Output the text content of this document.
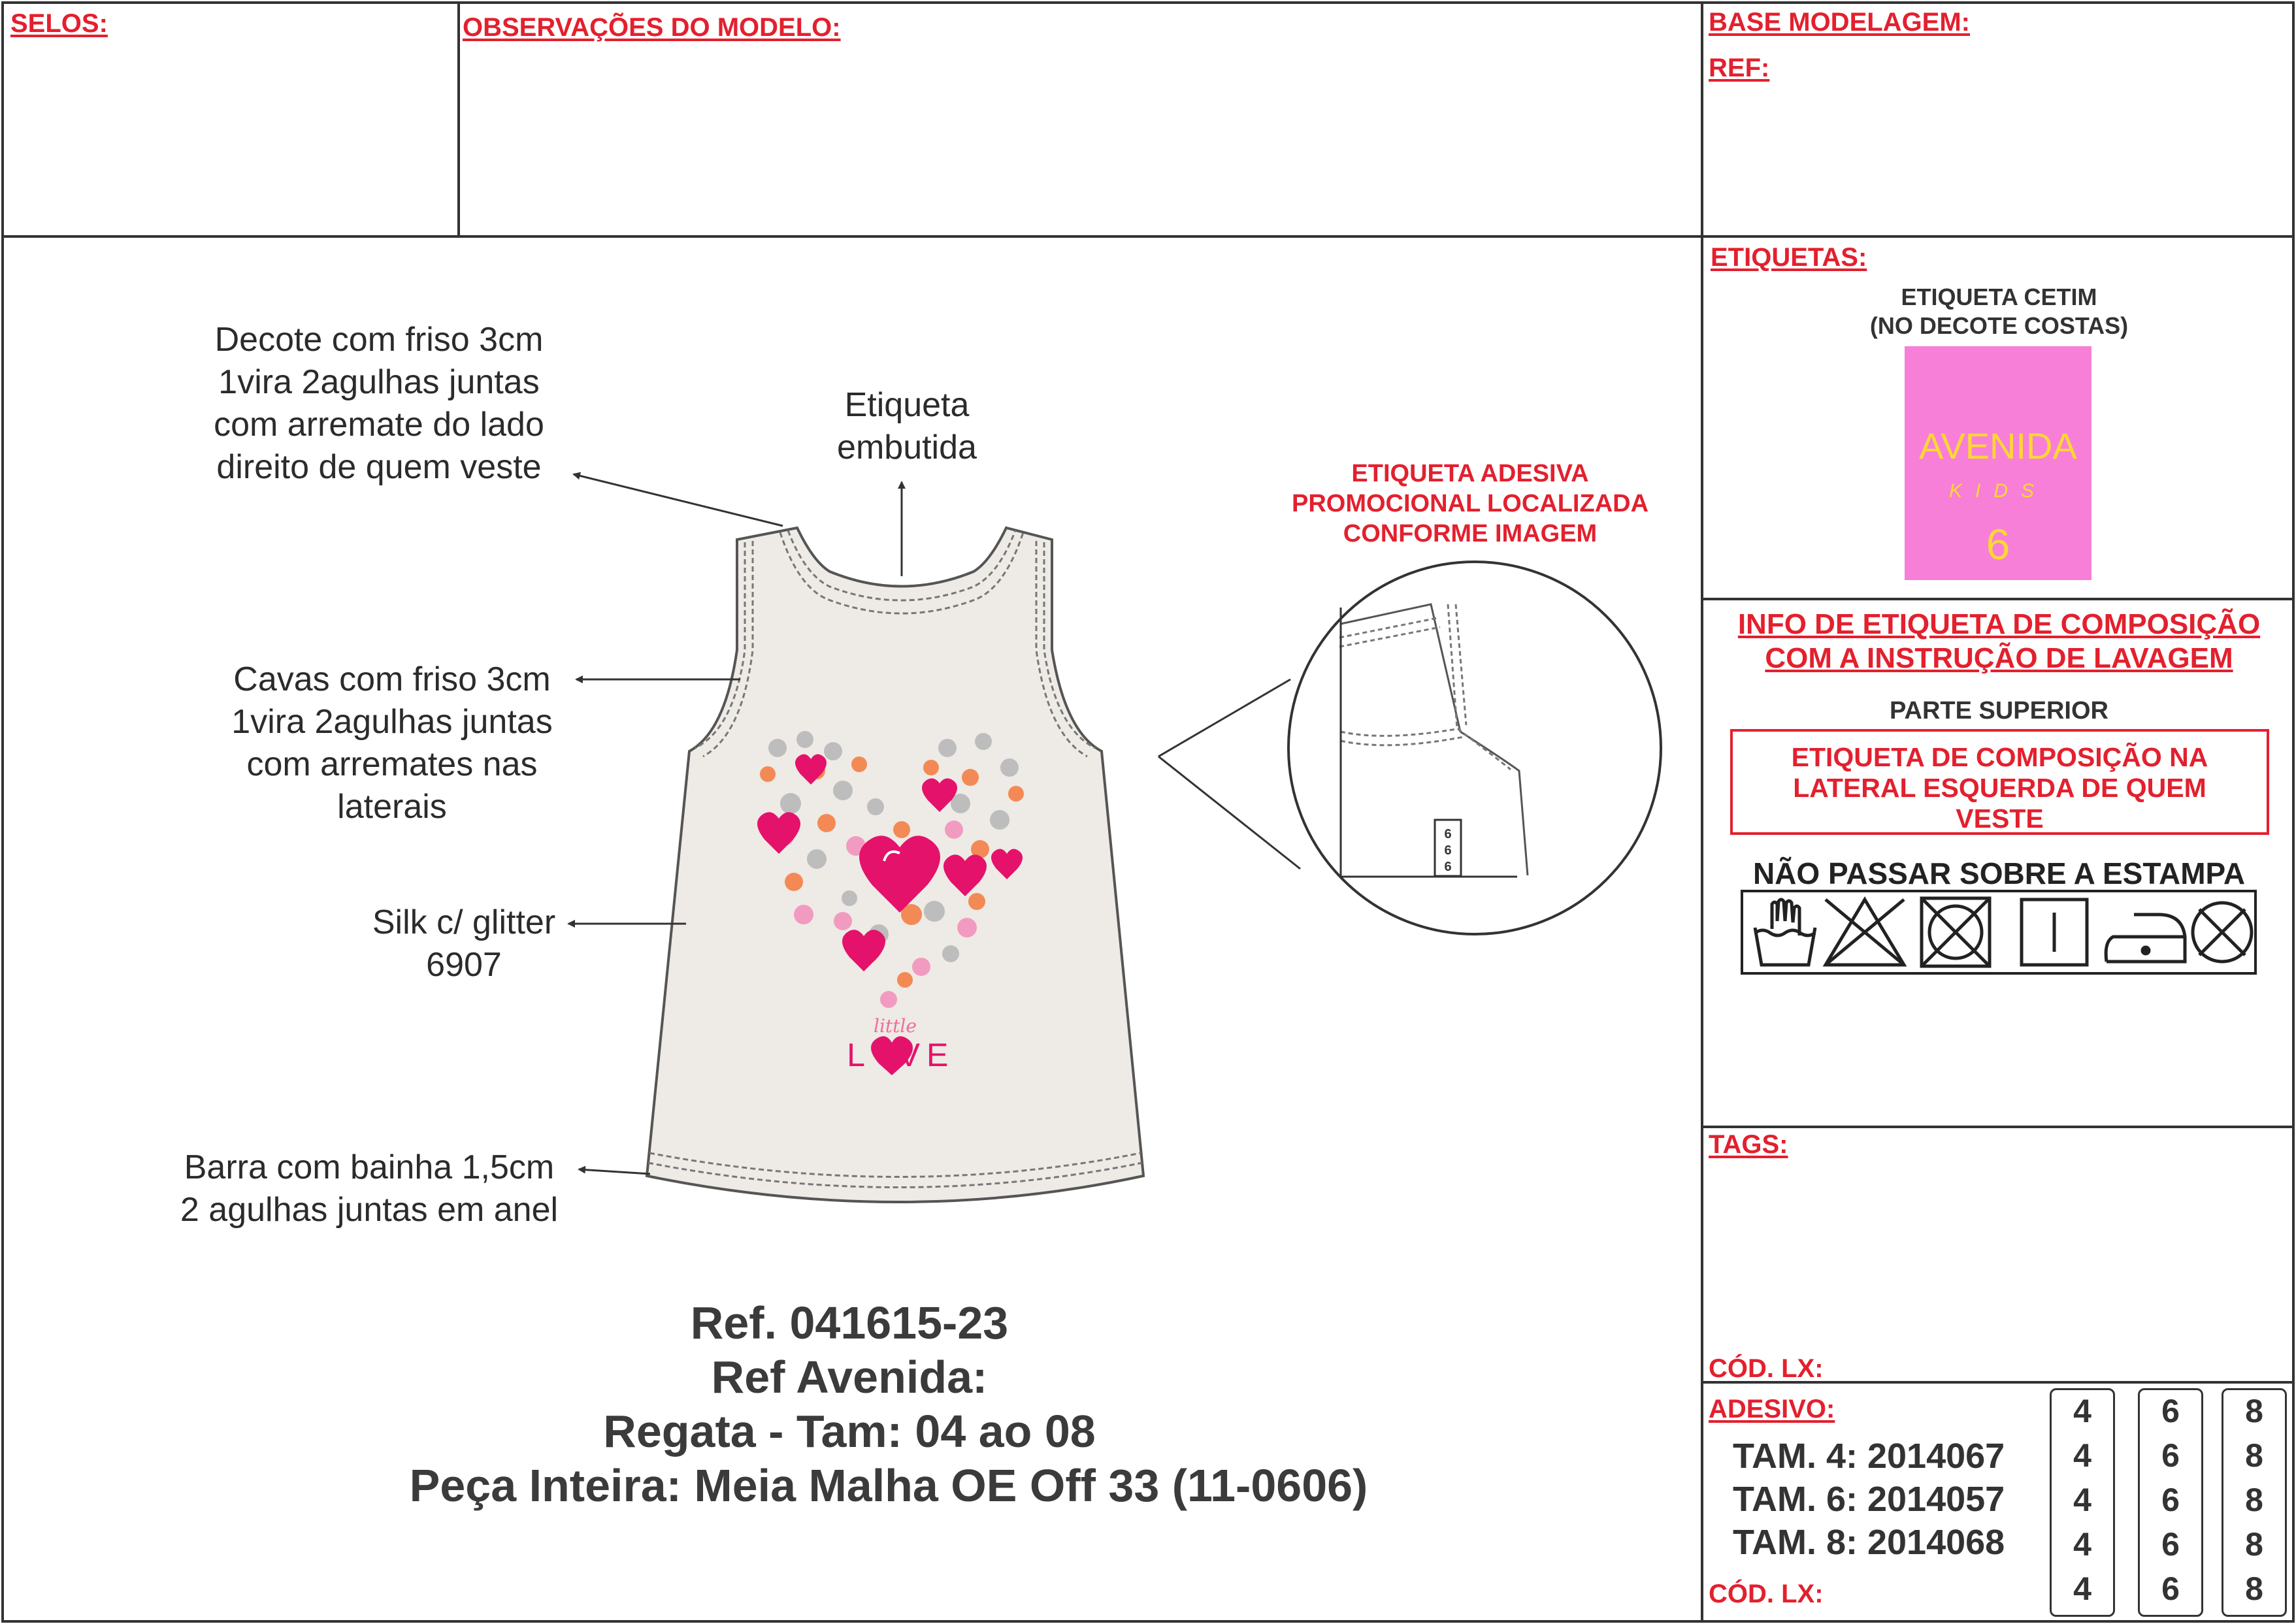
SELOS:	OBSERVAÇÕES DO MODELO:	BASE MODELAGEM:
REF:
Decote com friso 3cm
1vira 2agulhas juntas
com arremate do lado
direito de quem veste
Etiqueta
embutida
Cavas com friso 3cm
1vira 2agulhas juntas
com arremates nas
laterais
Silk c/ glitter
6907
Barra com bainha 1,5cm
2 agulhas juntas em anel
little
L VE
6
6
6
ETIQUETA ADESIVA
PROMOCIONAL LOCALIZADA
CONFORME IMAGEM
Ref. 041615-23
Ref Avenida:
Regata - Tam: 04 ao 08
Peça Inteira: Meia Malha OE Off 33 (11-0606)
ETIQUETAS:
ETIQUETA CETIM
(NO DECOTE COSTAS)
AVENIDA
KIDS
6
INFO DE ETIQUETA DE COMPOSIÇÃO
COM A INSTRUÇÃO DE LAVAGEM
PARTE SUPERIOR
ETIQUETA DE COMPOSIÇÃO NA
LATERAL ESQUERDA DE QUEM
VESTE
NÃO PASSAR SOBRE A ESTAMPA
TAGS:
CÓD. LX:
ADESIVO:
TAM. 4: 2014067
TAM. 6: 2014057
TAM. 8: 2014068
CÓD. LX:
4
4
4
4
4
6
6
6
6
6
8
8
8
8
8
